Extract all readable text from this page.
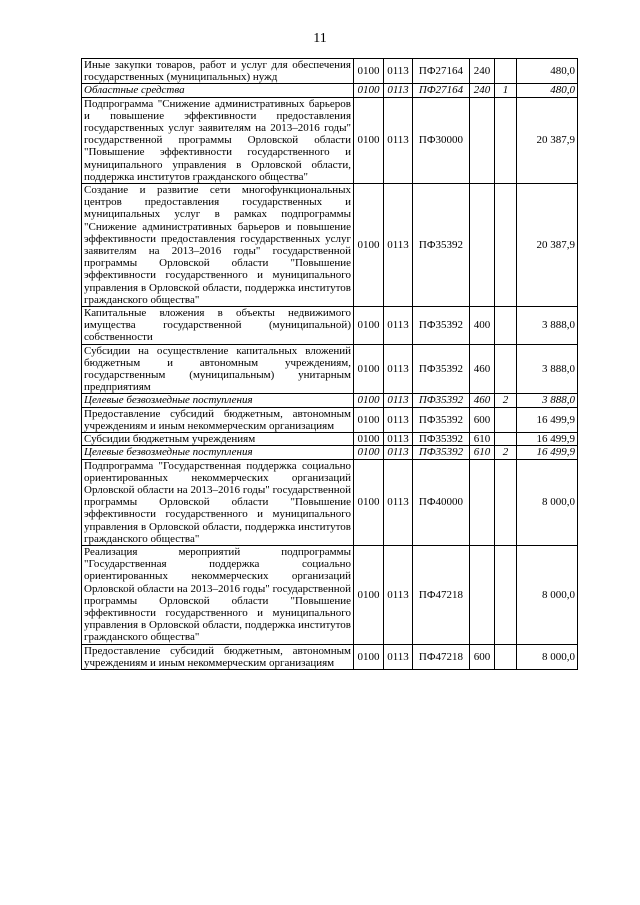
11
Иные закупки товаров, работ и услуг для обеспечения государственных (муниципальных) нужд	0100	0113	ПФ27164	240		480,0
Областные средства	0100	0113	ПФ27164	240	1	480,0
Подпрограмма "Снижение административных барьеров и повышение эффективности предоставления государственных услуг заявителям на 2013–2016 годы" государственной программы Орловской области "Повышение эффективности государственного и муниципального управления в Орловской области, поддержка институтов гражданского общества"	0100	0113	ПФ30000			20 387,9
Создание и развитие сети многофункциональных центров предоставления государственных и муниципальных услуг в рамках подпрограммы "Снижение административных барьеров и повышение эффективности предоставления государственных услуг заявителям на 2013–2016 годы" государственной программы Орловской области "Повышение эффективности государственного и муниципального управления в Орловской области, поддержка институтов гражданского общества"	0100	0113	ПФ35392			20 387,9
Капитальные вложения в объекты недвижимого имущества государственной (муниципальной) собственности	0100	0113	ПФ35392	400		3 888,0
Субсидии на осуществление капитальных вложений бюджетным и автономным учреждениям, государственным (муниципальным) унитарным предприятиям	0100	0113	ПФ35392	460		3 888,0
Целевые безвозмедные поступления	0100	0113	ПФ35392	460	2	3 888,0
Предоставление субсидий бюджетным, автономным учреждениям и иным некоммерческим организациям	0100	0113	ПФ35392	600		16 499,9
Субсидии бюджетным учреждениям	0100	0113	ПФ35392	610		16 499,9
Целевые безвозмедные поступления	0100	0113	ПФ35392	610	2	16 499,9
Подпрограмма "Государственная поддержка социально ориентированных некоммерческих организаций Орловской области на 2013–2016 годы" государственной программы Орловской области "Повышение эффективности государственного и муниципального управления в Орловской области, поддержка институтов гражданского общества"	0100	0113	ПФ40000			8 000,0
Реализация мероприятий подпрограммы "Государственная поддержка социально ориентированных некоммерческих организаций Орловской области на 2013–2016 годы" государственной программы Орловской области "Повышение эффективности государственного и муниципального управления в Орловской области, поддержка институтов гражданского общества"	0100	0113	ПФ47218			8 000,0
Предоставление субсидий бюджетным, автономным учреждениям и иным некоммерческим организациям	0100	0113	ПФ47218	600		8 000,0
